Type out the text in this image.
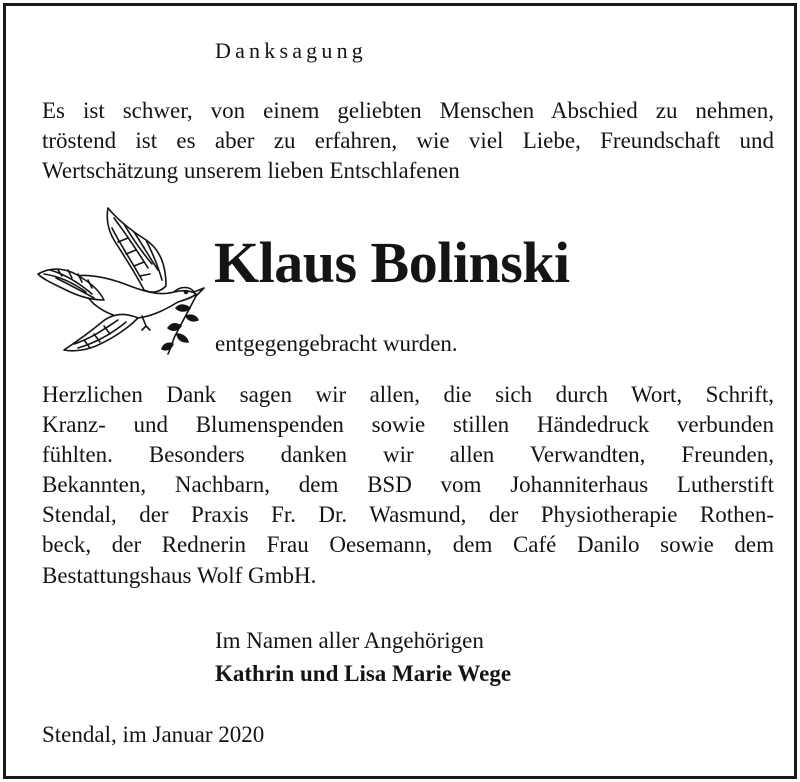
Danksagung

Es ist schwer, von einem geliebten Menschen Abschied zu nehmen,
tröstend ist es aber zu erfahren, wie viel Liebe, Freundschaft und
Wertschätzung unserem lieben Entschlafenen

Klaus Bolinski
entgegengebracht wurden.

Herzlichen Dank sagen wir allen, die sich durch Wort, Schrift,
Kranz- und Blumenspenden sowie stillen Händedruck verbunden
fühlten. Besonders danken wir allen Verwandten, Freunden,
Bekannten, Nachbarn, dem BSD vom Johanniterhaus Lutherstift
Stendal, der Praxis Fr. Dr. Wasmund, der Physiotherapie Rothen-
beck, der Rednerin Frau Oesemann, dem Café Danilo sowie dem
Bestattungshaus Wolf GmbH.

Im Namen aller Angehörigen
Kathrin und Lisa Marie Wege
Stendal, im Januar 2020
